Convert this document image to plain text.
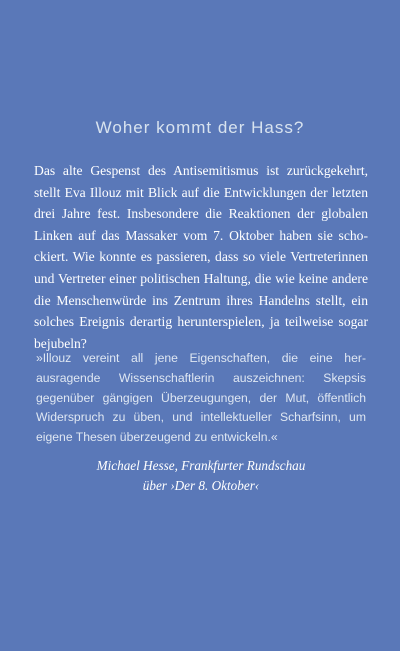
Woher kommt der Hass?

Das alte Gespenst des Antisemitismus ist zurückgekehrt, stellt Eva Illouz mit Blick auf die Entwicklungen der letzten drei Jahre fest. Insbesondere die Reaktionen der globalen Linken auf das Massaker vom 7. Oktober haben sie schockiert. Wie konnte es passieren, dass so viele Vertreterinnen und Vertreter einer politischen Haltung, die wie keine andere die Menschenwürde ins Zentrum ihres Handelns stellt, ein solches Ereignis derartig herunterspielen, ja teilweise sogar bejubeln?

»Illouz vereint all jene Eigenschaften, die eine herausragende Wissenschaftlerin auszeichnen: Skepsis gegenüber gängigen Überzeugungen, der Mut, öffentlich Widerspruch zu üben, und intellektueller Scharfsinn, um eigene Thesen überzeugend zu entwickeln.«

Michael Hesse, Frankfurter Rundschau
über ›Der 8. Oktober‹
